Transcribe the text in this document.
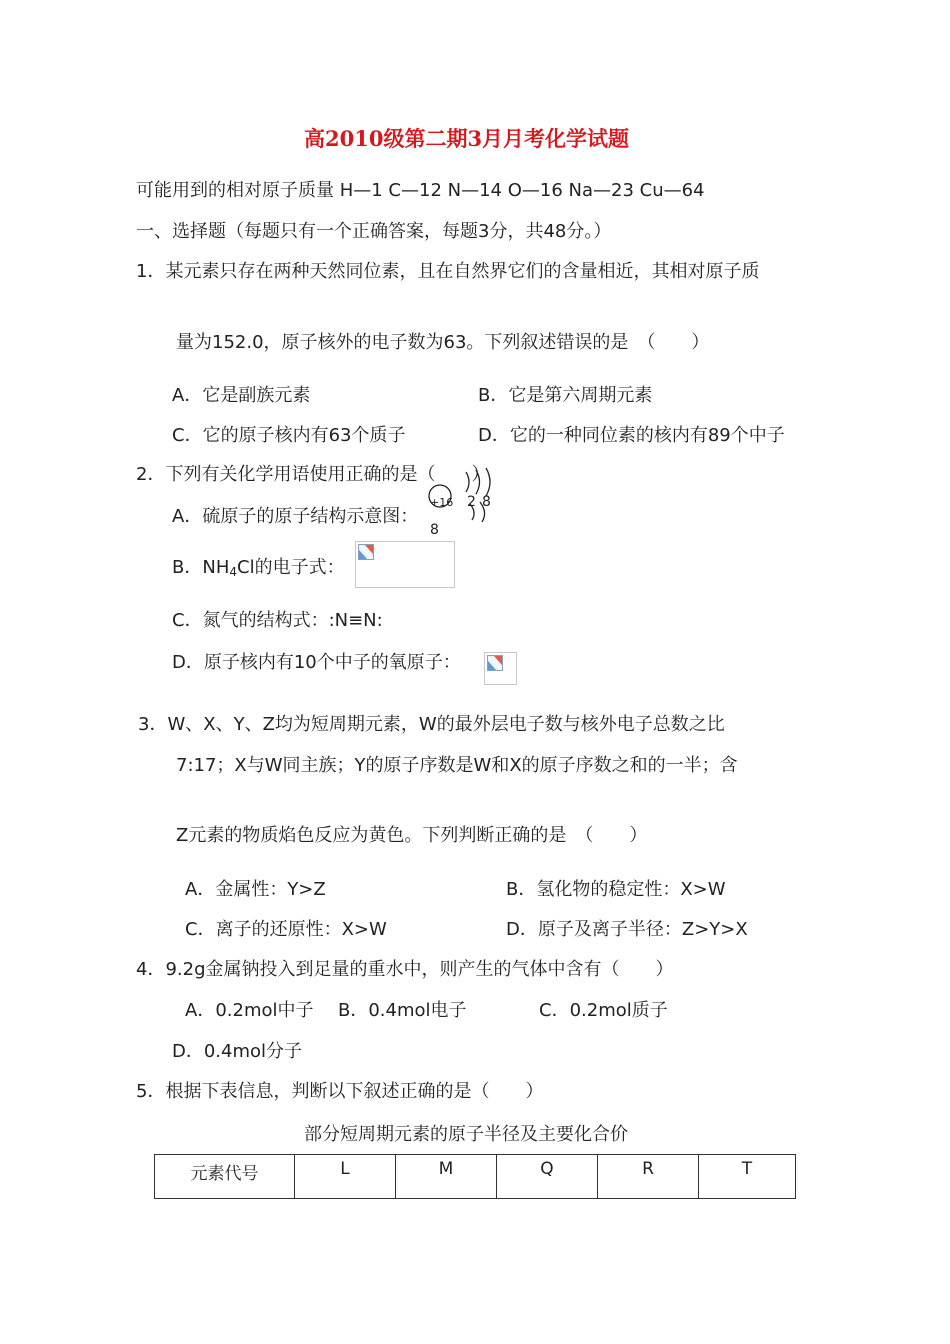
高2010级第二期3月月考化学试题
可能用到的相对原子质量 H—1 C—12 N—14 O—16 Na—23 Cu—64
一、选择题（每题只有一个正确答案，每题3分，共48分。）
1．某元素只存在两种天然同位素，且在自然界它们的含量相近，其相对原子质
量为152.0，原子核外的电子数为63。下列叙述错误的是　（　　）
A．它是副族元素	B．它是第六周期元素
C．它的原子核内有63个质子	D．它的一种同位素的核内有89个中子
2．下列有关化学用语使用正确的是（　　）
+16 2 8
8
A．硫原子的原子结构示意图：
B．$NH_4Cl$的电子式：
C．氮气的结构式：:N≡N:
D．原子核内有10个中子的氧原子：
3．W、X、Y、Z均为短周期元素，W的最外层电子数与核外电子总数之比
7:17；X与W同主族；Y的原子序数是W和X的原子序数之和的一半；含
Z元素的物质焰色反应为黄色。下列判断正确的是　（　　）
A．金属性：Y>Z	B．氢化物的稳定性：X>W
C．离子的还原性：X>W	D．原子及离子半径：Z>Y>X
4．9.2g金属钠投入到足量的重水中，则产生的气体中含有（　　）
A．0.2mol中子 B．0.4mol电子	C．0.2mol质子
D．0.4mol分子
5．根据下表信息，判断以下叙述正确的是（　　）
部分短周期元素的原子半径及主要化合价
元素代号	L	M	Q	R	T
